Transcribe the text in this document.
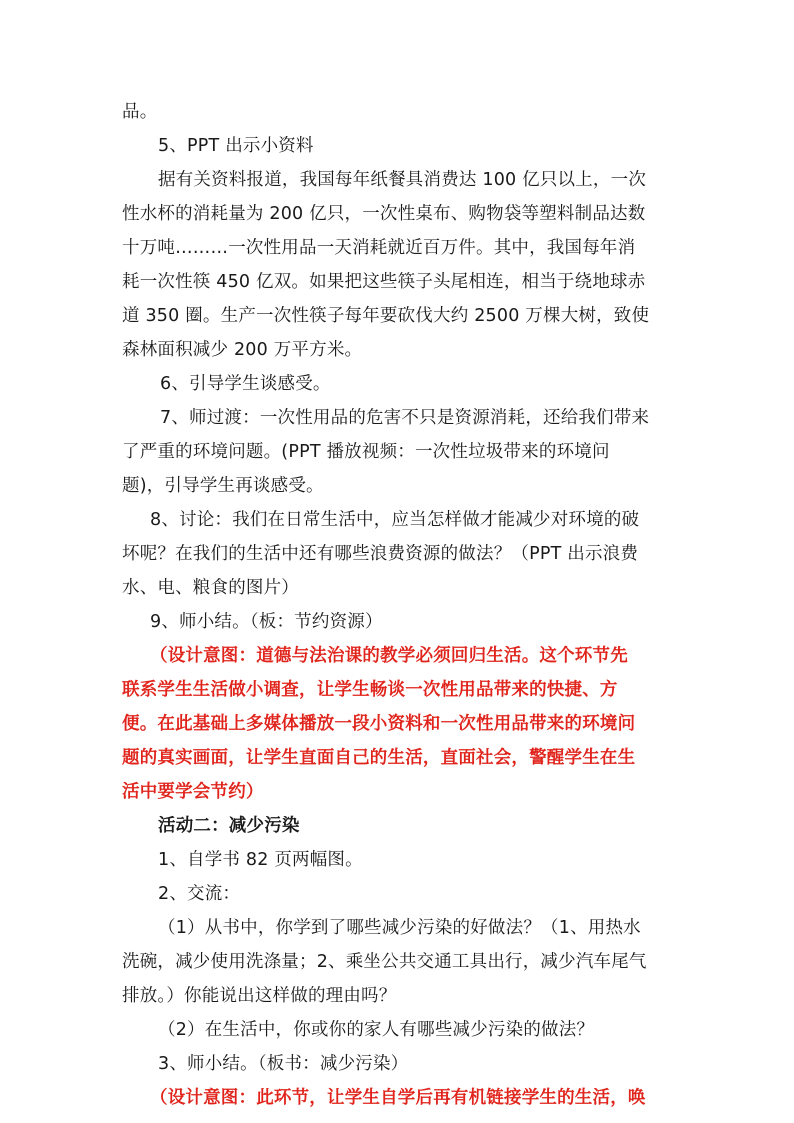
品。
5、PPT 出示小资料
据有关资料报道，我国每年纸餐具消费达 100 亿只以上，一次
性水杯的消耗量为 200 亿只，一次性桌布、购物袋等塑料制品达数
十万吨………一次性用品一天消耗就近百万件。其中，我国每年消
耗一次性筷 450 亿双。如果把这些筷子头尾相连，相当于绕地球赤
道 350 圈。生产一次性筷子每年要砍伐大约 2500 万棵大树，致使
森林面积减少 200 万平方米。
6、引导学生谈感受。
7、师过渡：一次性用品的危害不只是资源消耗，还给我们带来
了严重的环境问题。(PPT 播放视频：一次性垃圾带来的环境问
题)，引导学生再谈感受。
8、讨论：我们在日常生活中，应当怎样做才能减少对环境的破
坏呢？在我们的生活中还有哪些浪费资源的做法？（PPT 出示浪费
水、电、粮食的图片）
9、师小结。（板：节约资源）
（设计意图：道德与法治课的教学必须回归生活。这个环节先
联系学生生活做小调查，让学生畅谈一次性用品带来的快捷、方
便。在此基础上多媒体播放一段小资料和一次性用品带来的环境问
题的真实画面，让学生直面自己的生活，直面社会，警醒学生在生
活中要学会节约）
活动二：减少污染
1、自学书 82 页两幅图。
2、交流：
（1）从书中，你学到了哪些减少污染的好做法？（1、用热水
洗碗，减少使用洗涤量；2、乘坐公共交通工具出行，减少汽车尾气
排放。）你能说出这样做的理由吗？
（2）在生活中，你或你的家人有哪些减少污染的做法？
3、师小结。（板书：减少污染）
（设计意图：此环节，让学生自学后再有机链接学生的生活，唤
